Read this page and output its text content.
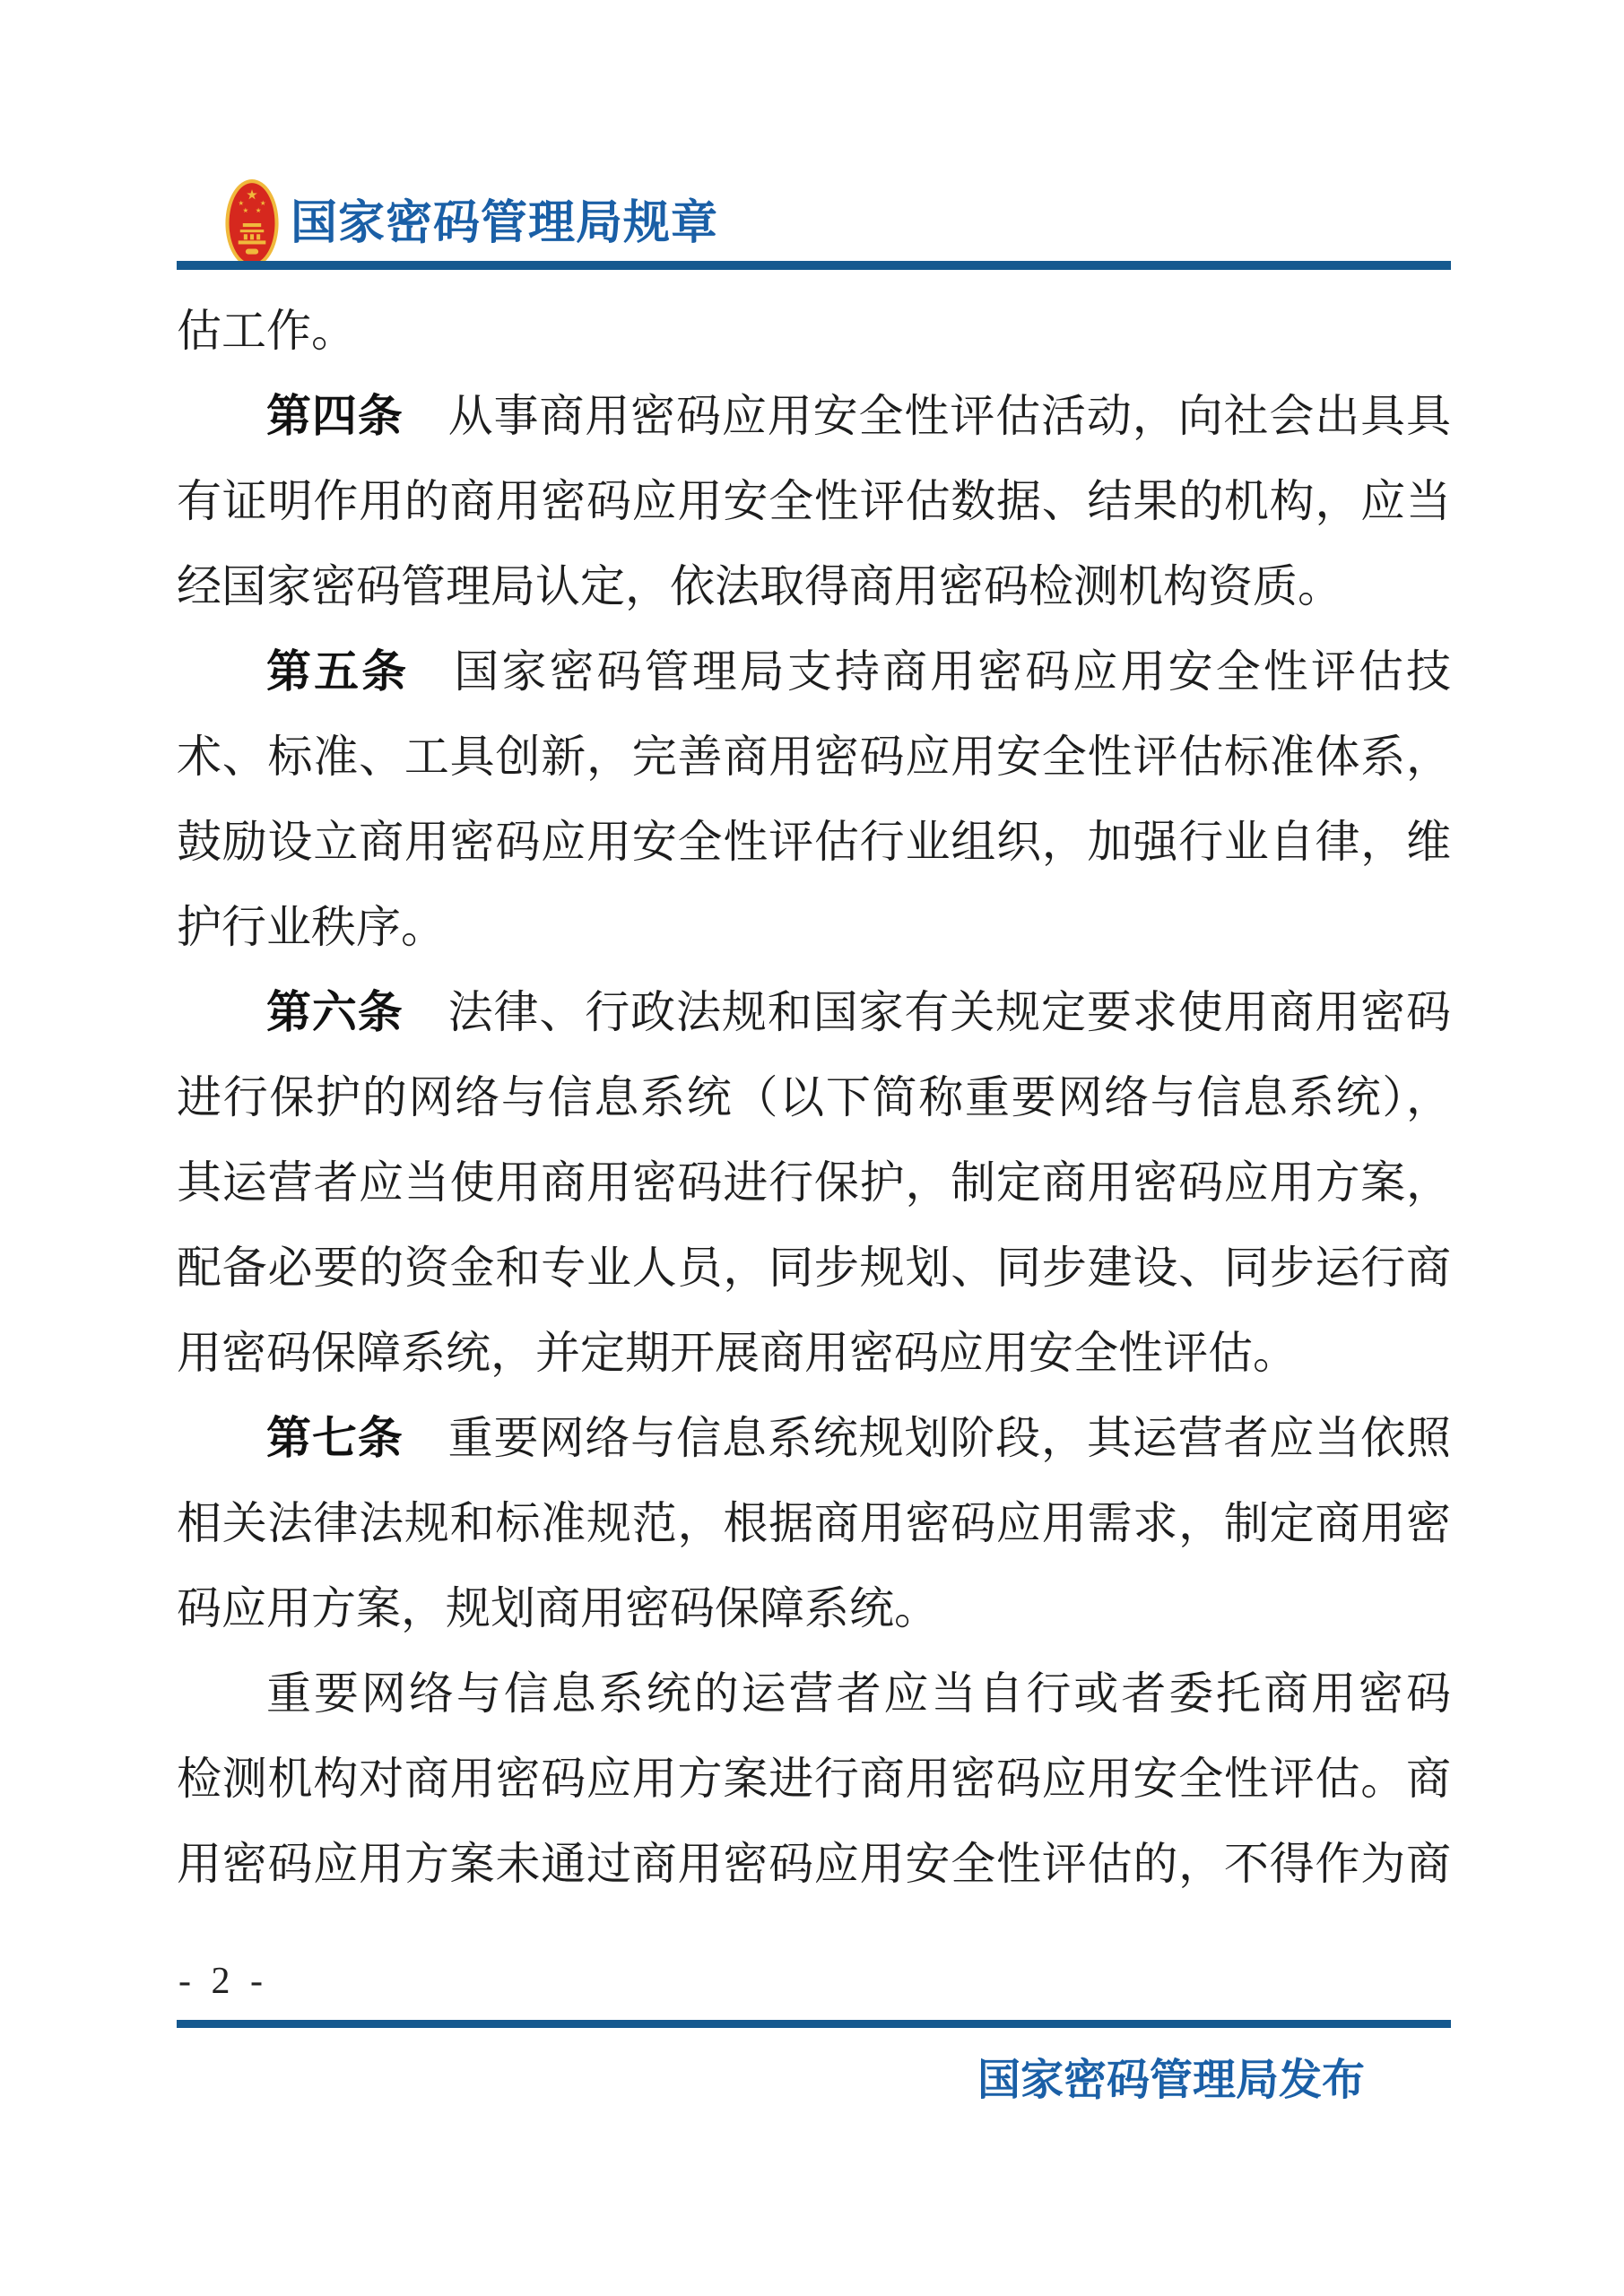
国家密码管理局规章
估工作。
第四条 从事商用密码应用安全性评估活动，向社会出具具
有证明作用的商用密码应用安全性评估数据、结果的机构，应当
经国家密码管理局认定，依法取得商用密码检测机构资质。
第五条 国家密码管理局支持商用密码应用安全性评估技
术、标准、工具创新，完善商用密码应用安全性评估标准体系，
鼓励设立商用密码应用安全性评估行业组织，加强行业自律，维
护行业秩序。
第六条 法律、行政法规和国家有关规定要求使用商用密码
进行保护的网络与信息系统（以下简称重要网络与信息系统），
其运营者应当使用商用密码进行保护，制定商用密码应用方案，
配备必要的资金和专业人员，同步规划、同步建设、同步运行商
用密码保障系统，并定期开展商用密码应用安全性评估。
第七条 重要网络与信息系统规划阶段，其运营者应当依照
相关法律法规和标准规范，根据商用密码应用需求，制定商用密
码应用方案，规划商用密码保障系统。
重要网络与信息系统的运营者应当自行或者委托商用密码
检测机构对商用密码应用方案进行商用密码应用安全性评估。商
用密码应用方案未通过商用密码应用安全性评估的，不得作为商
- 2 -
国家密码管理局发布
